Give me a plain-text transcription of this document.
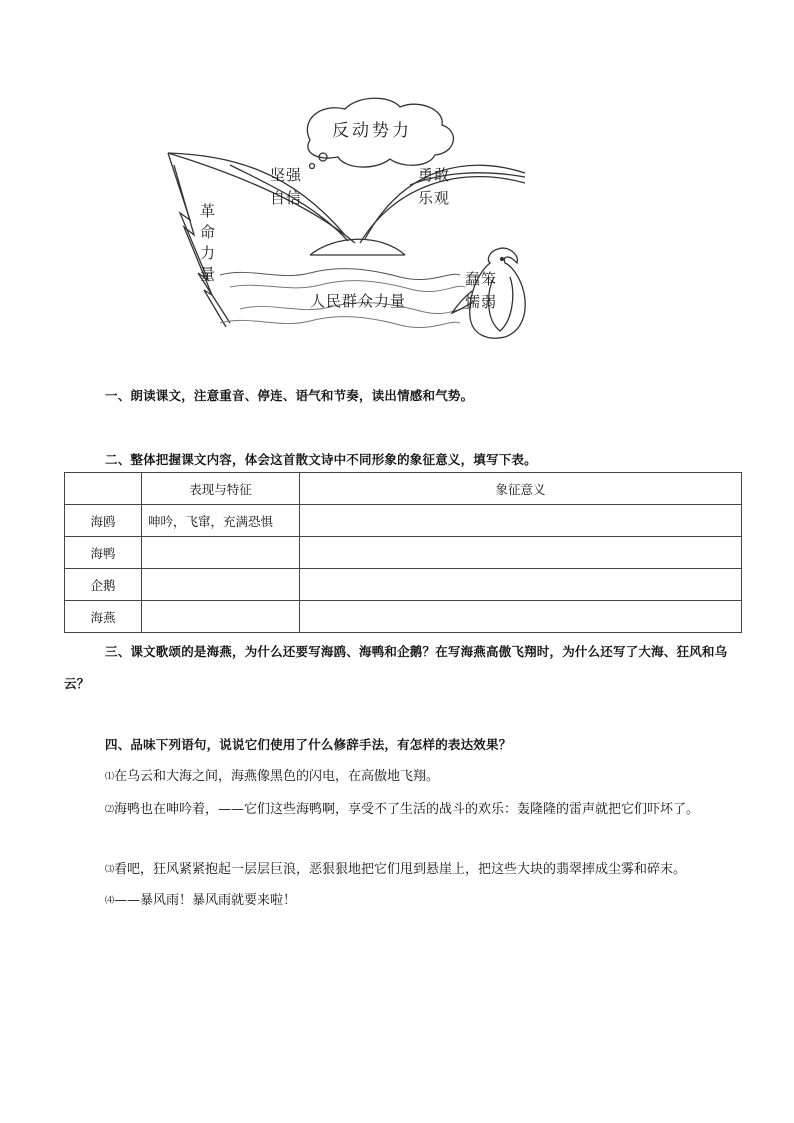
反动势力
坚强
自信
勇敢
乐观
革
命
力
量
人民群众力量
蠢笨
懦弱
一、朗读课文，注意重音、停连、语气和节奏，读出情感和气势。
二、整体把握课文内容，体会这首散文诗中不同形象的象征意义，填写下表。
	表现与特征	象征意义
海鸥	呻吟，飞窜，充满恐惧	
海鸭		
企鹅		
海燕		
三、课文歌颂的是海燕，为什么还要写海鸥、海鸭和企鹅？在写海燕高傲飞翔时，为什么还写了大海、狂风和乌云？
四、品味下列语句，说说它们使用了什么修辞手法，有怎样的表达效果？
⑴在乌云和大海之间，海燕像黑色的闪电，在高傲地飞翔。
⑵海鸭也在呻吟着，——它们这些海鸭啊，享受不了生活的战斗的欢乐：轰隆隆的雷声就把它们吓坏了。
⑶看吧，狂风紧紧抱起一层层巨浪，恶狠狠地把它们甩到悬崖上，把这些大块的翡翠摔成尘雾和碎末。
⑷——暴风雨！暴风雨就要来啦！
